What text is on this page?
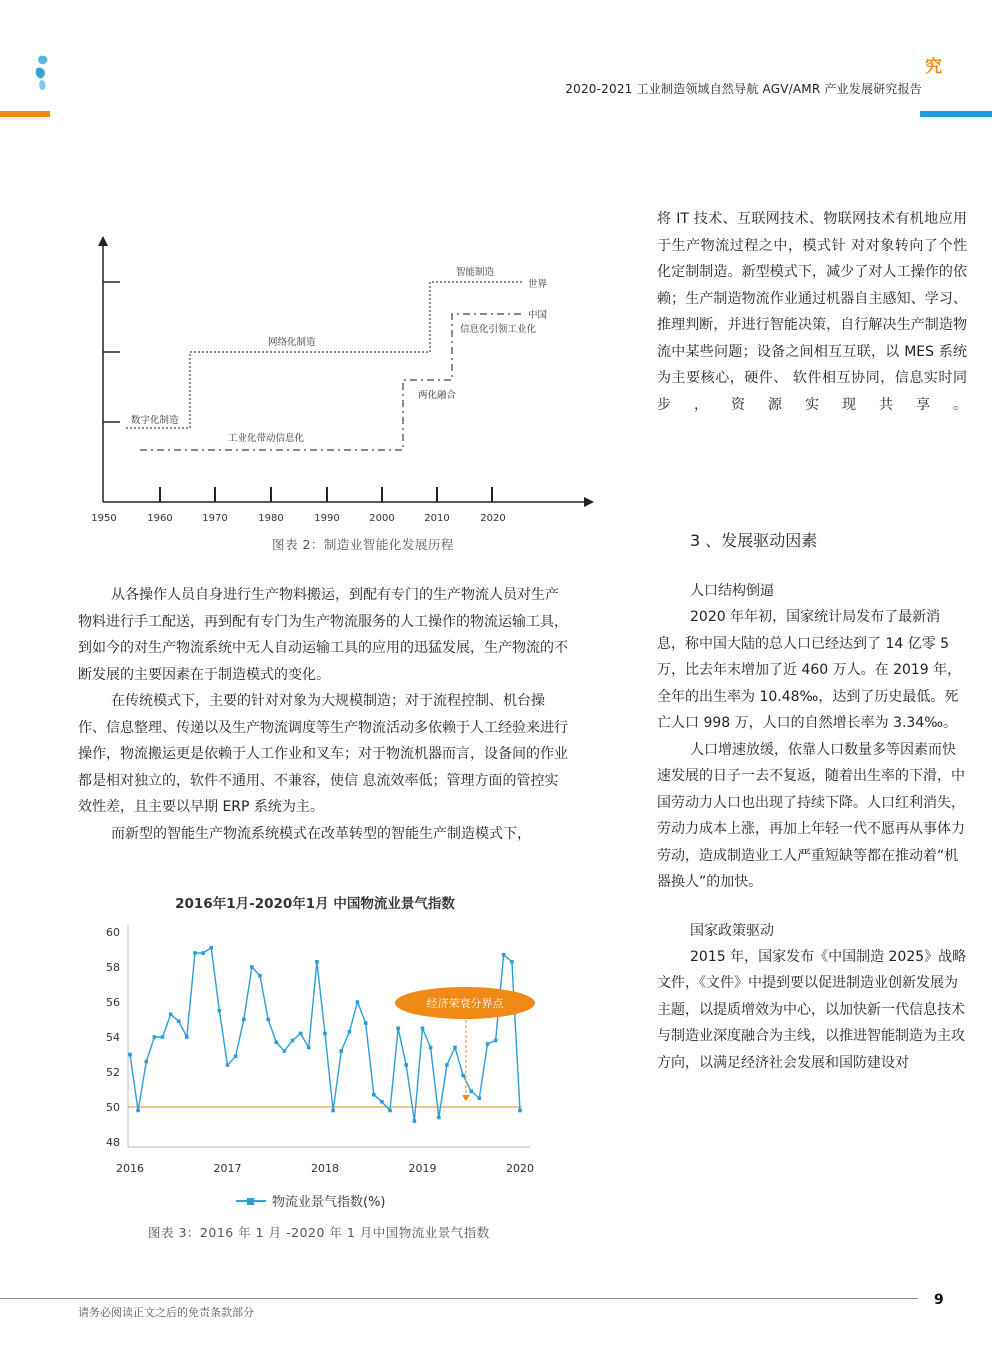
究
2020-2021 工业制造领域自然导航 AGV/AMR 产业发展研究报告
1950	1960	1970	1980	1990	2000	2010	2020
数字化制造
网络化制造
智能制造
世界
中国
信息化引领工业化
工业化带动信息化
两化融合
图表 2：制造业智能化发展历程

从各操作人员自身进行生产物料搬运，到配有专门的生产物流人员对生产物料进行手工配送，再到配有专门为生产物流服务的人工操作的物流运输工具，到如今的对生产物流系统中无人自动运输工具的应用的迅猛发展，生产物流的不断发展的主要因素在于制造模式的变化。

在传统模式下，主要的针对对象为大规模制造；对于流程控制、机台操作、信息整理、传递以及生产物流调度等生产物流活动多依赖于人工经验来进行操作，物流搬运更是依赖于人工作业和叉车；对于物流机器而言，设备间的作业都是相对独立的，软件不通用、不兼容，使信 息流效率低；管理方面的管控实效性差，且主要以早期 ERP 系统为主。

而新型的智能生产物流系统模式在改革转型的智能生产制造模式下，

2016年1月-2020年1月 中国物流业景气指数
48
50
52
54
56
58
60
2016	2017	2018	2019	2020
经济荣衰分界点
物流业景气指数(%)
图表 3：2016 年 1 月 -2020 年 1 月中国物流业景气指数

将 IT 技术、互联网技术、物联网技术有机地应用于生产物流过程之中，模式针 对对象转向了个性化定制制造。新型模式下，减少了对人工操作的依赖；生产制造物流作业通过机器自主感知、学习、推理判断，并进行智能决策，自行解决生产制造物流中某些问题；设备之间相互互联，以 MES 系统为主要核心，硬件、 软件相互协同，信息实时同步，资源实现共享。

3 、发展驱动因素
人口结构倒逼

2020 年年初，国家统计局发布了最新消息，称中国大陆的总人口已经达到了 14 亿零 5 万，比去年末增加了近 460 万人。在 2019 年，全年的出生率为 10.48‰，达到了历史最低。死亡人口 998 万，人口的自然增长率为 3.34‰。

人口增速放缓，依靠人口数量多等因素而快速发展的日子一去不复返，随着出生率的下滑，中国劳动力人口也出现了持续下降。人口红利消失，劳动力成本上涨，再加上年轻一代不愿再从事体力劳动，造成制造业工人严重短缺等都在推动着“机器换人”的加快。

国家政策驱动

2015 年，国家发布《中国制造 2025》战略文件，《文件》中提到要以促进制造业创新发展为主题，以提质增效为中心，以加快新一代信息技术与制造业深度融合为主线，以推进智能制造为主攻方向，以满足经济社会发展和国防建设对

请务必阅读正文之后的免责条款部分
9
